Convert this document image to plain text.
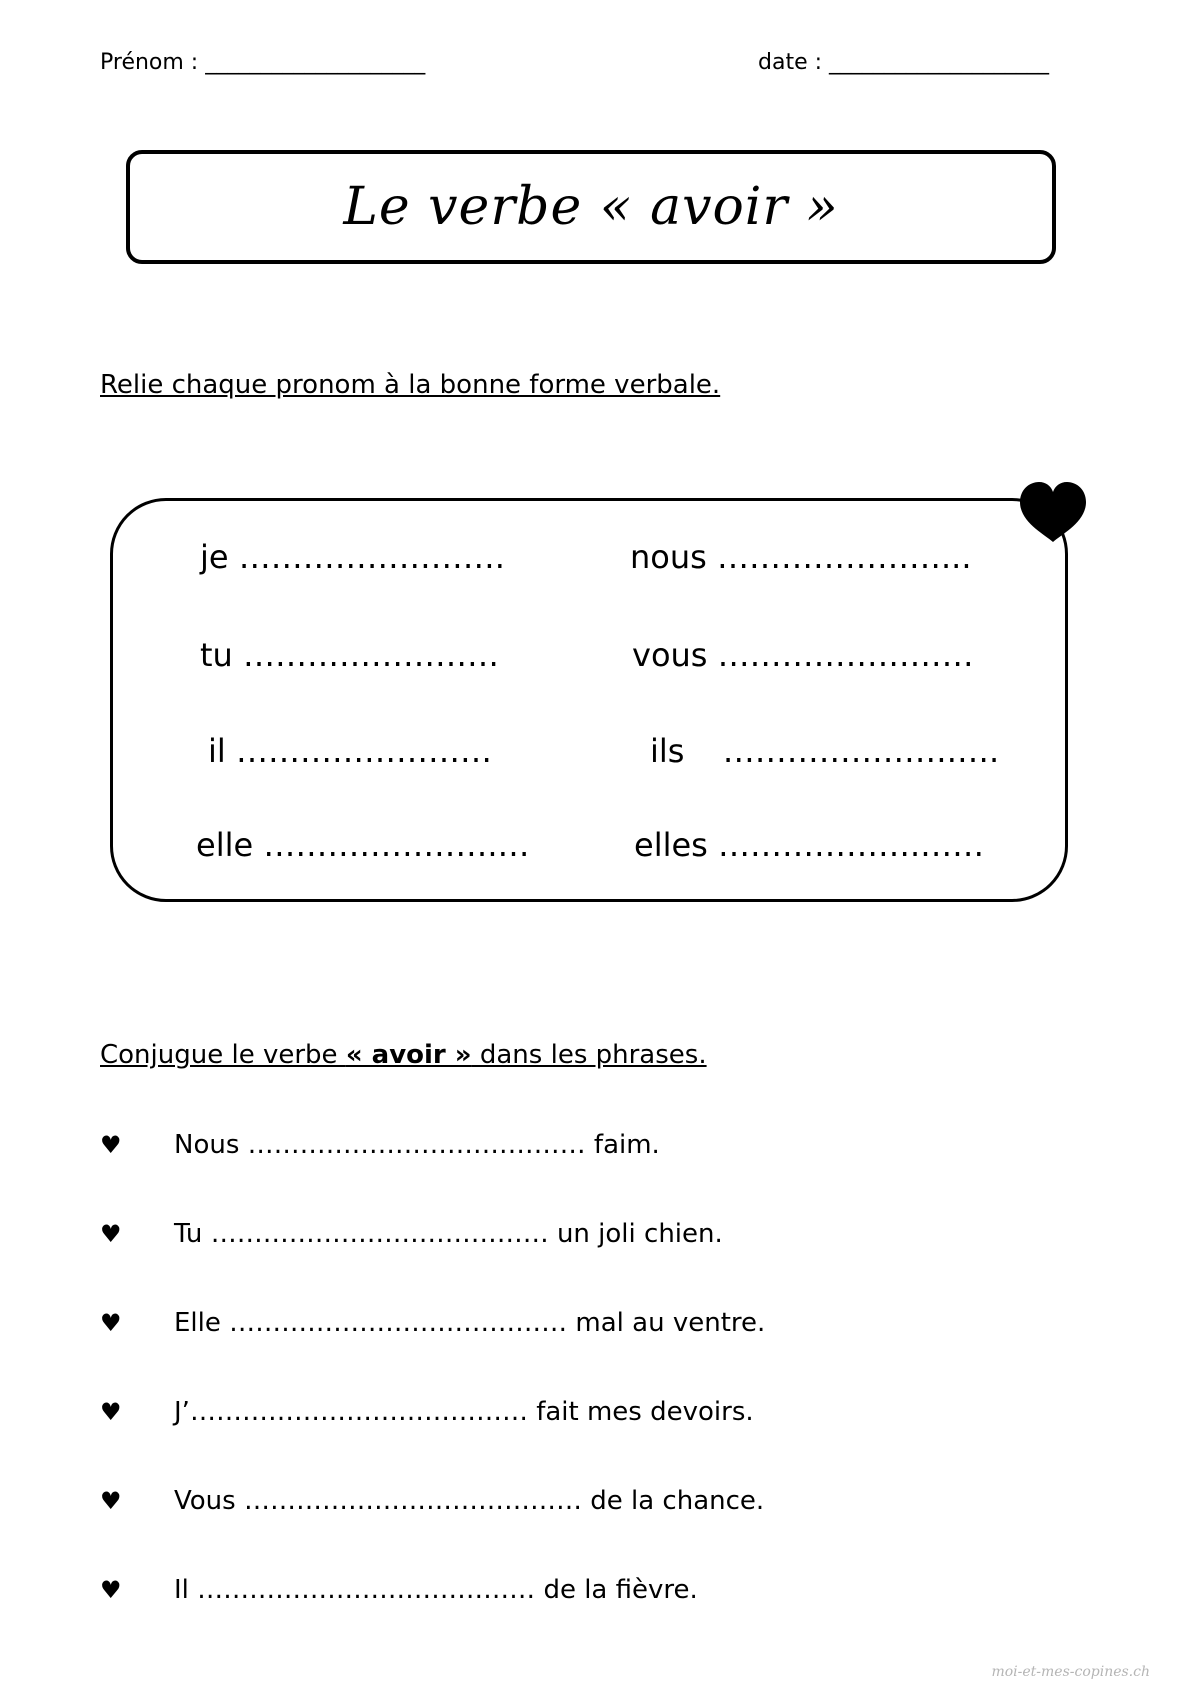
Prénom : ____________________	date : ____________________
Le verbe « avoir »
Relie chaque pronom à la bonne forme verbale.
je …………………….
tu ……………………
il ……………………
elle ………………….…
nous …………………...
vous ……………………
ils ………………….….
elles ……………….……
Conjugue le verbe « avoir » dans les phrases.
♥ Nous ………………………………… faim.
♥ Tu ………………………………… un joli chien.
♥ Elle ………………………………… mal au ventre.
♥ J’………………………………… fait mes devoirs.
♥ Vous ………………………………… de la chance.
♥ Il ………………………………… de la fièvre.
moi-et-mes-copines.ch
